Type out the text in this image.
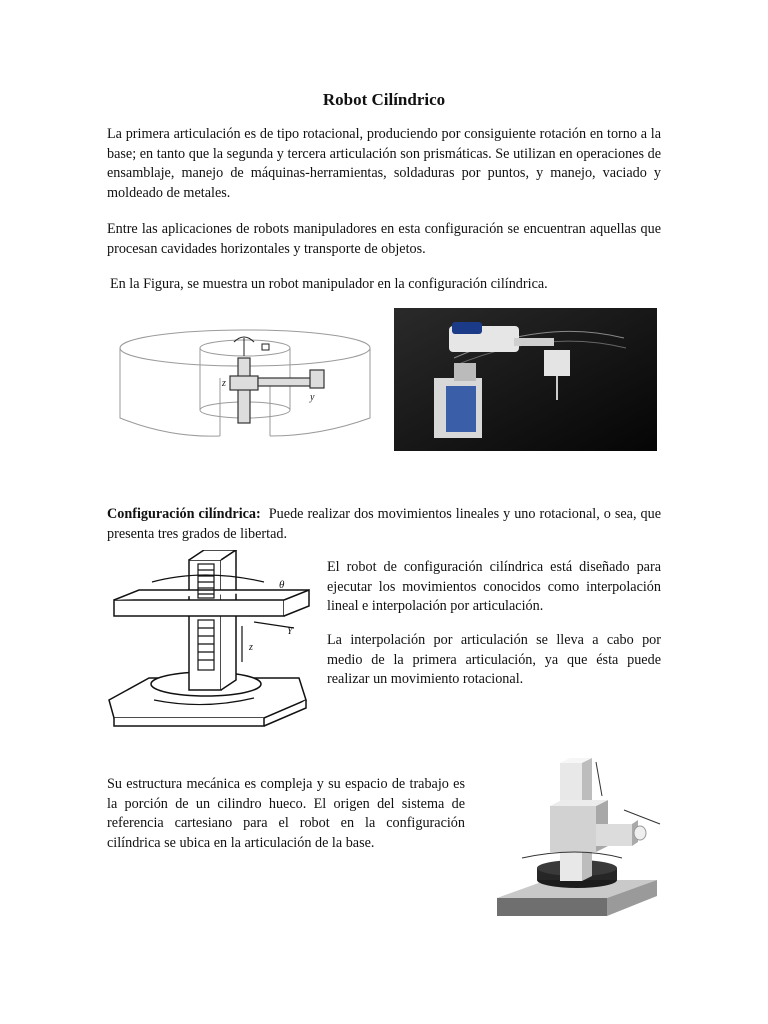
Robot Cilíndrico
La primera articulación es de tipo rotacional, produciendo por consiguiente rotación en torno a la base; en tanto que la segunda y tercera articulación son prismáticas. Se utilizan en operaciones de ensamblaje, manejo de máquinas-herramientas, soldaduras por puntos, y manejo, vaciado y moldeado de metales.
Entre las aplicaciones de robots manipuladores en esta configuración se encuentran aquellas que procesan cavidades horizontales y transporte de objetos.
En la Figura, se muestra un robot manipulador en la configuración cilíndrica.
z
y
Configuración cilíndrica: Puede realizar dos movimientos lineales y uno rotacional, o sea, que presenta tres grados de libertad.
θ
z
Y
El robot de configuración cilíndrica está diseñado para ejecutar los movimientos conocidos como interpolación lineal e interpolación por articulación.
La interpolación por articulación se lleva a cabo por medio de la primera articulación, ya que ésta puede realizar un movimiento rotacional.
Su estructura mecánica es compleja y su espacio de trabajo es la porción de un cilindro hueco. El origen del sistema de referencia cartesiano para el robot en la configuración cilíndrica se ubica en la articulación de la base.
